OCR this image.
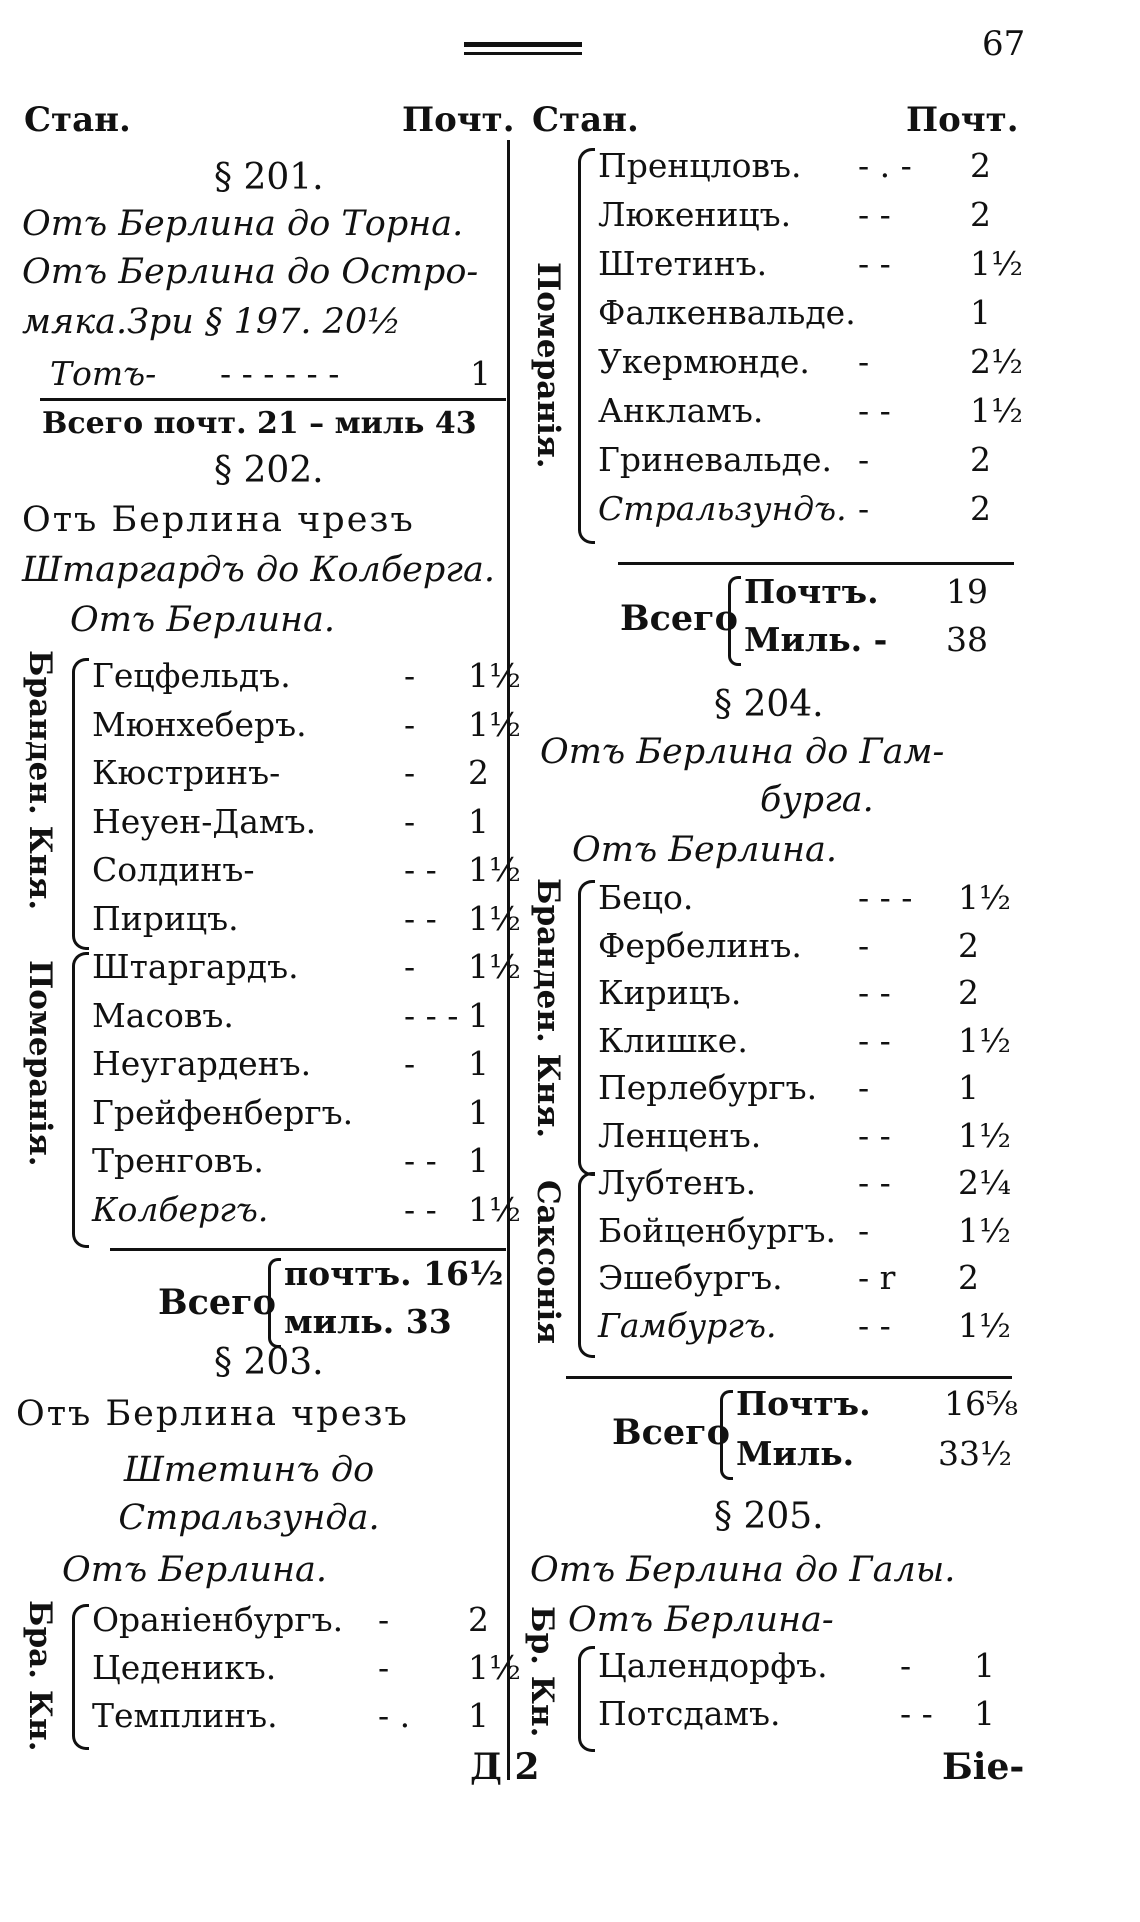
67
Стан.	Почт. Стан.	Почт.
§ 201.
Отъ Берлина до Торна.
Отъ Берлина до Остро-
мяка.Зри § 197. 20½
Тотъ- - - - - - -	1
Всего почт. 21 – миль 43
§ 202.
Отъ Берлина чрезъ
Штаргардъ до Колберга.
Отъ Берлина.
Бранден. Кня.
Померанія.
Гецфельдъ.	- 1½
Мюнхеберъ.	- 1½
Кюстринъ-	- 2
Неуен-Дамъ.	- 1
Солдинъ-	- - 1½
Пирицъ.	- - 1½
Штаргардъ.	- 1½
Масовъ.	- - - 1
Неугарденъ.	- 1
Грейфенбергъ.	1
Тренговъ.	- - 1
Колбергъ.	- - 1½
Всего
почтъ. 16½
миль. 33
§ 203.
Отъ Берлина чрезъ
Штетинъ до Стральзунда.
Отъ Берлина.
Бра. Кн. Ораніенбургъ. - 2
Цеденикъ.	- 1½
Темплинъ.	- . 1
Д 2
Померанія.
Пренцловъ. - . - 2
Люкеницъ. - - 2
Штетинъ.	- - 1½
Фалкенвальде.	1
Укермюнде. -	2½
Анкламъ.	- - 1½
Гриневальде. -	2
Стральзундъ. -	2
Всего
Почтъ. 19
Миль. - 38
§ 204.
Отъ Берлина до Гам-
бурга.
Отъ Берлина.
Бранден. Кня.
Саксонія
Бецо.	- - - 1½
Фербелинъ. -	2
Кирицъ.	- - 2
Клишке.	- - 1½
Перлебургъ. -	1
Ленценъ.	- - 1½
Лубтенъ.	- - 2¼
Бойценбургъ. -	1½
Эшебургъ. - r 2
Гамбургъ. - - 1½
Всего
Почтъ. 16⅝
Миль.	33½
§ 205.
Отъ Берлина до Галы.
Отъ Берлина-
Бр. Кн. Цалендорфъ. - 1
Потсдамъ.	- - 1
Біе-
